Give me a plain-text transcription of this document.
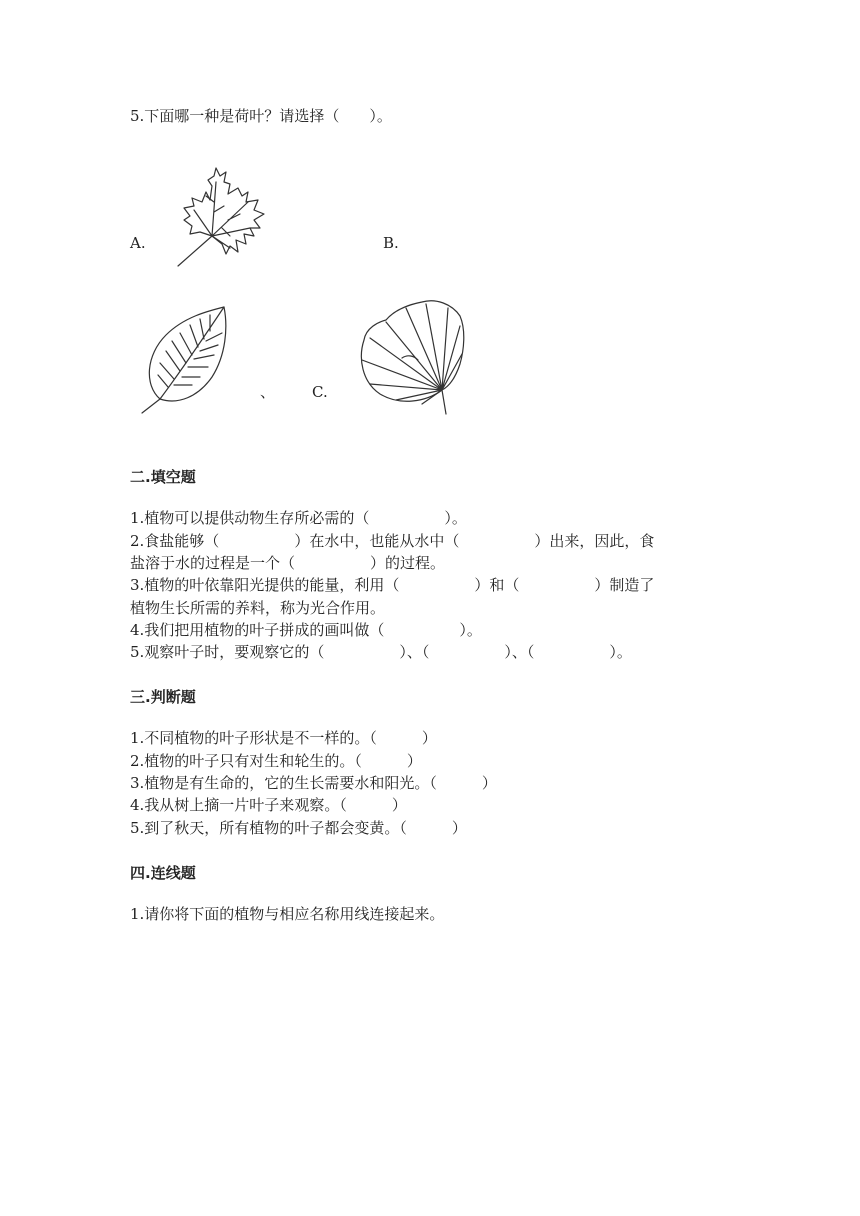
5.下面哪一种是荷叶？请选择（　　）。
A.	B.
、 C.
二.填空题
1.植物可以提供动物生存所必需的（　　　　　）。
2.食盐能够（　　　　　）在水中，也能从水中（　　　　　）出来，因此，食
盐溶于水的过程是一个（　　　　　）的过程。
3.植物的叶依靠阳光提供的能量，利用（　　　　　）和（　　　　　）制造了
植物生长所需的养料，称为光合作用。
4.我们把用植物的叶子拼成的画叫做（　　　　　）。
5.观察叶子时，要观察它的（　　　　　）、（　　　　　）、（　　　　　）。
三.判断题
1.不同植物的叶子形状是不一样的。（　　　）
2.植物的叶子只有对生和轮生的。（　　　）
3.植物是有生命的，它的生长需要水和阳光。（　　　）
4.我从树上摘一片叶子来观察。（　　　）
5.到了秋天，所有植物的叶子都会变黄。（　　　）
四.连线题
1.请你将下面的植物与相应名称用线连接起来。
